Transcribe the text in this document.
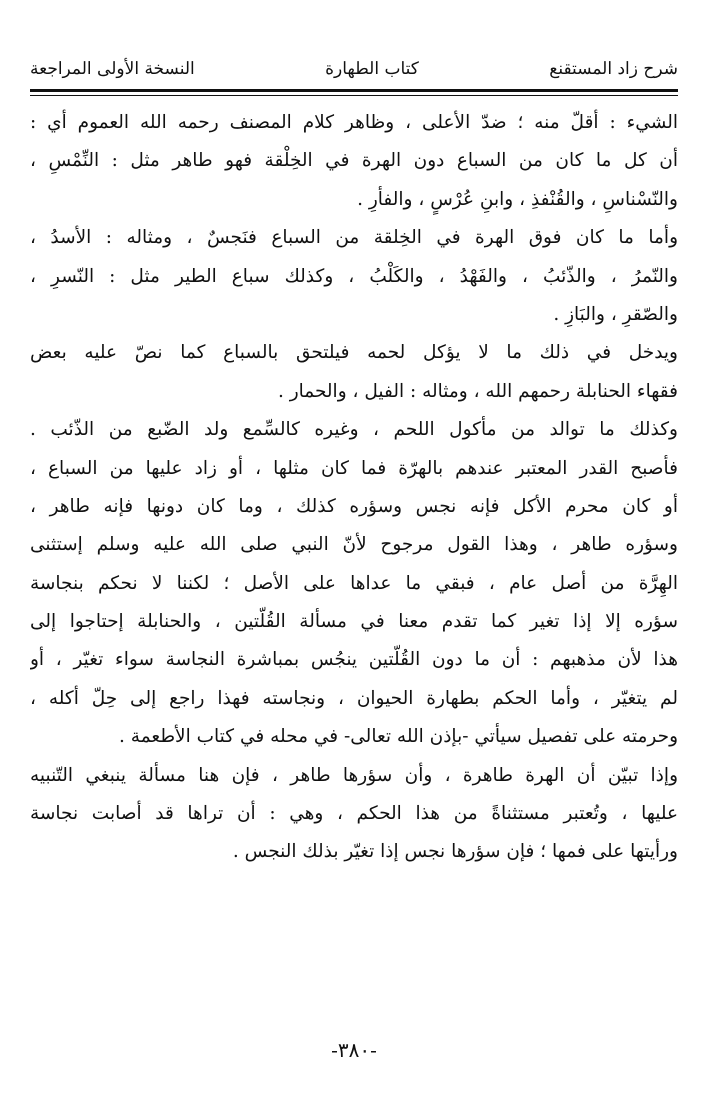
شرح زاد المستقنع
كتاب الطهارة
النسخة الأولى المراجعة
الشيء : أقلّ منه ؛ ضدّ الأعلى ، وظاهر كلام المصنف رحمه الله العموم أي :
أن كل ما كان من السباع دون الهرة في الخِلْقة فهو طاهر مثل : النِّمْسِ ،
والنّسْناسِ ، والقُنْفذِ ، وابنِ عُرْسٍ ، والفأرِ .
وأما ما كان فوق الهرة في الخِلقة من السباع فنَجسٌ ، ومثاله : الأسدُ ،
والنّمرُ ، والذّئبُ ، والفَهْدُ ، والكَلْبُ ، وكذلك سباع الطير مثل : النّسرِ ،
والصّقرِ ، والبَازِ .
ويدخل في ذلك ما لا يؤكل لحمه فيلتحق بالسباع كما نصّ عليه بعض
فقهاء الحنابلة رحمهم الله ، ومثاله : الفيل ، والحمار .
وكذلك ما توالد من مأكول اللحم ، وغيره كالسِّمع ولد الضّبع من الذّئب .
فأصبح القدر المعتبر عندهم بالهرّة فما كان مثلها ، أو زاد عليها من السباع ،
أو كان محرم الأكل فإنه نجس وسؤره كذلك ، وما كان دونها فإنه طاهر ،
وسؤره طاهر ، وهذا القول مرجوح لأنّ النبي صلى الله عليه وسلم إستثنى
الهِرَّة من أصل عام ، فبقي ما عداها على الأصل ؛ لكننا لا نحكم بنجاسة
سؤره إلا إذا تغير كما تقدم معنا في مسألة القُلّتين ، والحنابلة إحتاجوا إلى
هذا لأن مذهبهم : أن ما دون القُلّتين ينجُس بمباشرة النجاسة سواء تغيّر ، أو
لم يتغيّر ، وأما الحكم بطهارة الحيوان ، ونجاسته فهذا راجع إلى حِلّ أكله ،
وحرمته على تفصيل سيأتي -بإذن الله تعالى- في محله في كتاب الأطعمة .
وإذا تبيّن أن الهرة طاهرة ، وأن سؤرها طاهر ، فإن هنا مسألة ينبغي التّنبيه
عليها ، وتُعتبر مستثناةً من هذا الحكم ، وهي : أن تراها قد أصابت نجاسة
ورأيتها على فمها ؛ فإن سؤرها نجس إذا تغيّر بذلك النجس .
-٣٨٠-
